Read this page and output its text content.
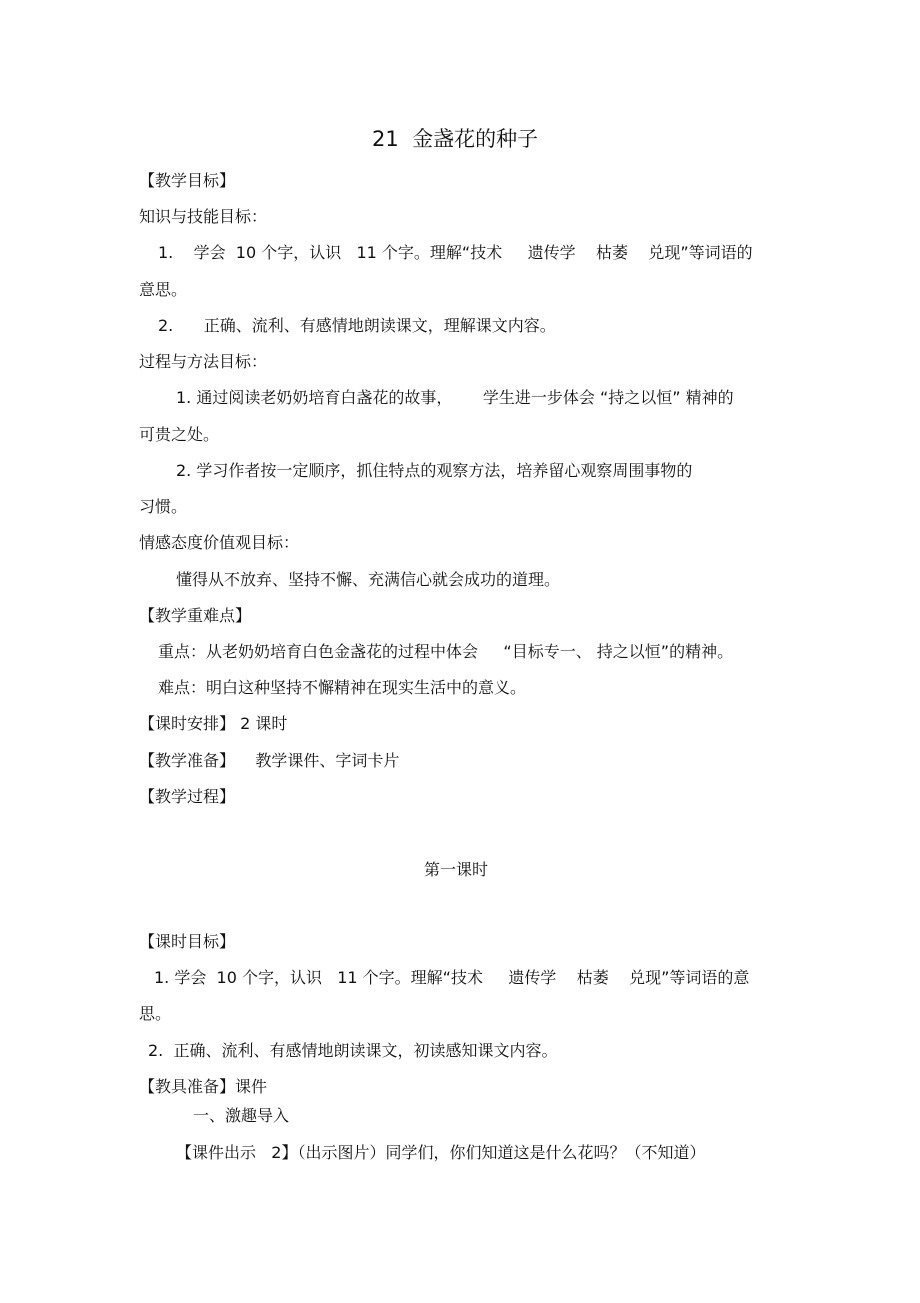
21  金盏花的种子
【教学目标】
知识与技能目标：
1.    学会  10 个字，认识   11 个字。理解“技术     遗传学    枯萎    兑现”等词语的
意思。
2.      正确、流利、有感情地朗读课文，理解课文内容。
过程与方法目标：
1. 通过阅读老奶奶培育白盏花的故事，      学生进一步体会 “持之以恒” 精神的
可贵之处。
2. 学习作者按一定顺序，抓住特点的观察方法，培养留心观察周围事物的
习惯。
情感态度价值观目标：
懂得从不放弃、坚持不懈、充满信心就会成功的道理。
【教学重难点】
重点：从老奶奶培育白色金盏花的过程中体会     “目标专一、 持之以恒”的精神。
难点：明白这种坚持不懈精神在现实生活中的意义。
【课时安排】 2 课时
【教学准备】    教学课件、字词卡片
【教学过程】
第一课时
【课时目标】
1. 学会  10 个字，认识   11 个字。理解“技术     遗传学    枯萎    兑现”等词语的意
思。
2.  正确、流利、有感情地朗读课文，初读感知课文内容。
【教具准备】课件
一、激趣导入
【课件出示   2】（出示图片）同学们，你们知道这是什么花吗？（不知道）
